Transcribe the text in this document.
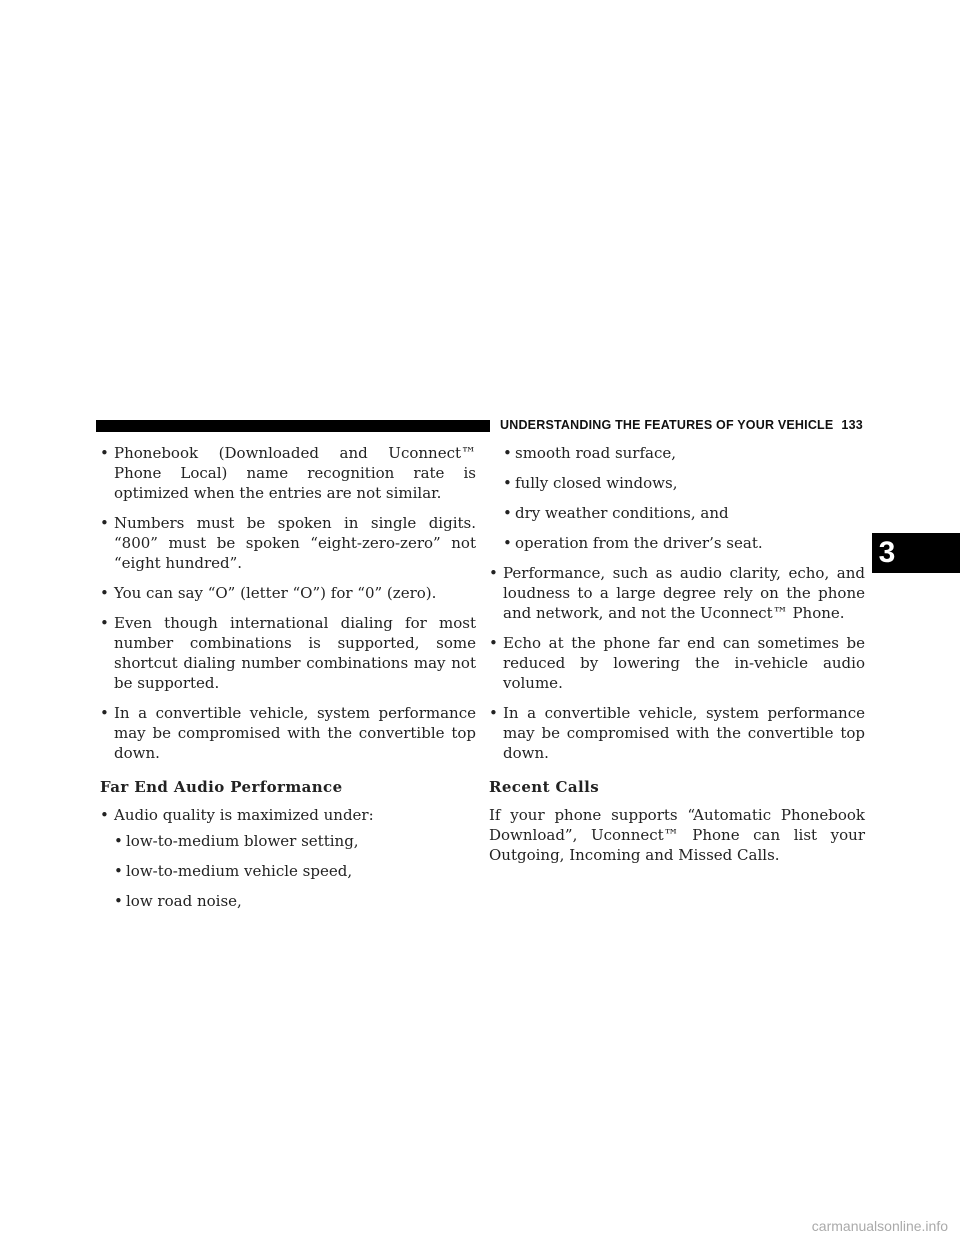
UNDERSTANDING THE FEATURES OF YOUR VEHICLE 133
3
• Phonebook (Downloaded and Uconnect™ Phone Local) name recognition rate is optimized when the entries are not similar.
• Numbers must be spoken in single digits. “800” must be spoken “eight-zero-zero” not “eight hundred”.
• You can say “O” (letter “O”) for “0” (zero).
• Even though international dialing for most number combinations is supported, some shortcut dialing number combinations may not be supported.
• In a convertible vehicle, system performance may be compromised with the convertible top down.
Far End Audio Performance
• Audio quality is maximized under:
• low-to-medium blower setting,
• low-to-medium vehicle speed,
• low road noise,
• smooth road surface,
• fully closed windows,
• dry weather conditions, and
• operation from the driver’s seat.
• Performance, such as audio clarity, echo, and loudness to a large degree rely on the phone and network, and not the Uconnect™ Phone.
• Echo at the phone far end can sometimes be reduced by lowering the in-vehicle audio volume.
• In a convertible vehicle, system performance may be compromised with the convertible top down.
Recent Calls

If your phone supports “Automatic Phonebook Download”, Uconnect™ Phone can list your Outgoing, Incoming and Missed Calls.

carmanualsonline.info
